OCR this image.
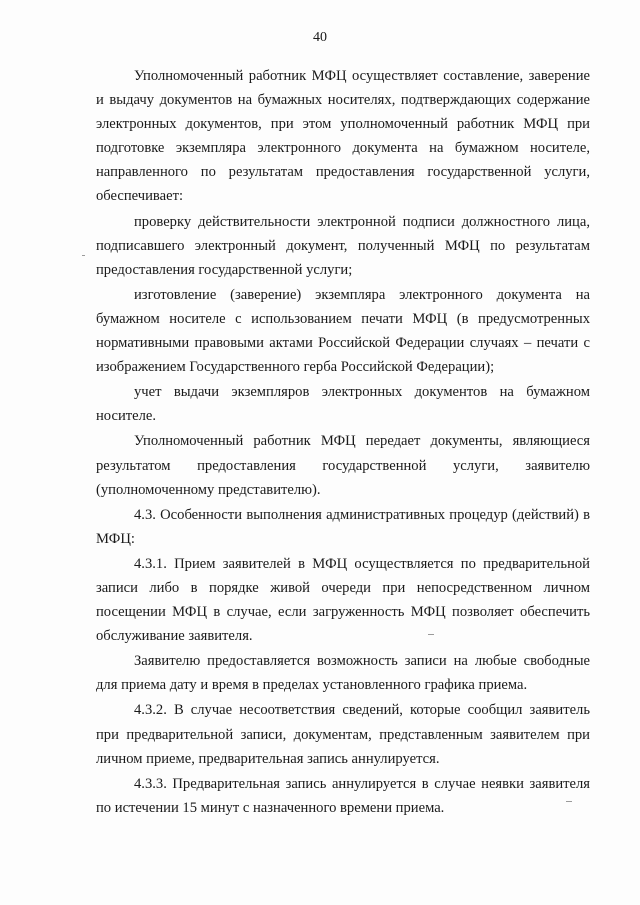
40

Уполномоченный работник МФЦ осуществляет составление, заверение и выдачу документов на бумажных носителях, подтверждающих содержание электронных документов, при этом уполномоченный работник МФЦ при подготовке экземпляра электронного документа на бумажном носителе, направленного по результатам предоставления государственной услуги, обеспечивает:

проверку действительности электронной подписи должностного лица, подписавшего электронный документ, полученный МФЦ по результатам предоставления государственной услуги;

изготовление (заверение) экземпляра электронного документа на бумажном носителе с использованием печати МФЦ (в предусмотренных нормативными правовыми актами Российской Федерации случаях – печати с изображением Государственного герба Российской Федерации);

учет выдачи экземпляров электронных документов на бумажном носителе.

Уполномоченный работник МФЦ передает документы, являющиеся результатом предоставления государственной услуги, заявителю (уполномоченному представителю).

4.3. Особенности выполнения административных процедур (действий) в МФЦ:

4.3.1. Прием заявителей в МФЦ осуществляется по предварительной записи либо в порядке живой очереди при непосредственном личном посещении МФЦ в случае, если загруженность МФЦ позволяет обеспечить обслуживание заявителя.

Заявителю предоставляется возможность записи на любые свободные для приема дату и время в пределах установленного графика приема.

4.3.2. В случае несоответствия сведений, которые сообщил заявитель при предварительной записи, документам, представленным заявителем при личном приеме, предварительная запись аннулируется.

4.3.3. Предварительная запись аннулируется в случае неявки заявителя по истечении 15 минут с назначенного времени приема.
